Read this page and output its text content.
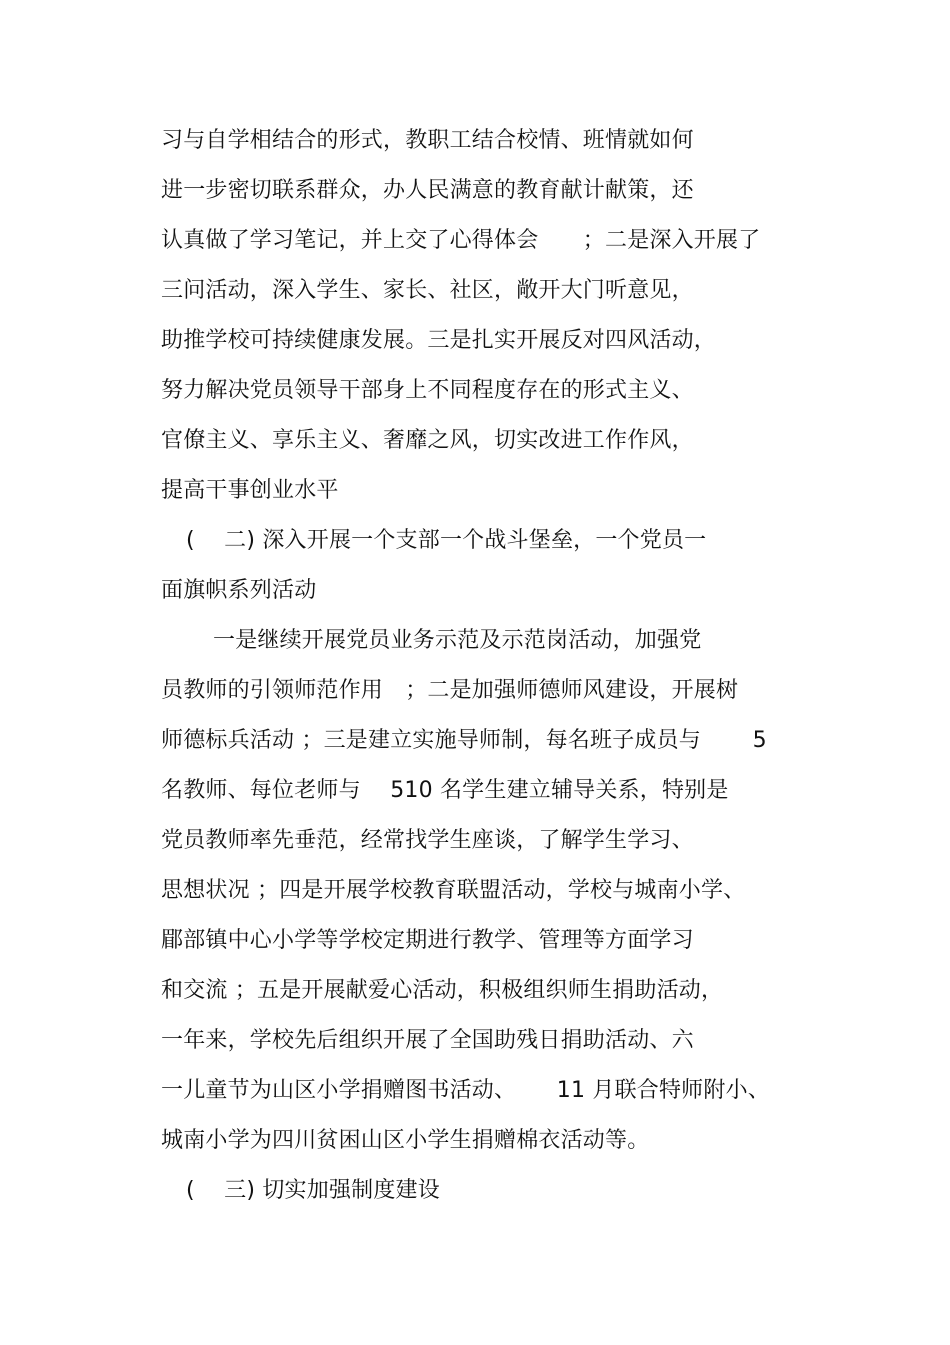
习与自学相结合的形式，教职工结合校情、班情就如何
进一步密切联系群众，办人民满意的教育献计献策，还
认真做了学习笔记，并上交了心得体会　　；二是深入开展了
三问活动，深入学生、家长、社区，敞开大门听意见，
助推学校可持续健康发展。三是扎实开展反对四风活动，
努力解决党员领导干部身上不同程度存在的形式主义、
官僚主义、享乐主义、奢靡之风，切实改进工作作风，
提高干事创业水平
(　 二) 深入开展一个支部一个战斗堡垒，一个党员一
面旗帜系列活动
一是继续开展党员业务示范及示范岗活动，加强党
员教师的引领师范作用　；二是加强师德师风建设，开展树
师德标兵活动 ；三是建立实施导师制，每名班子成员与　　 5
名教师、每位老师与　 510 名学生建立辅导关系，特别是
党员教师率先垂范，经常找学生座谈，了解学生学习、
思想状况 ；四是开展学校教育联盟活动，学校与城南小学、
郿部镇中心小学等学校定期进行教学、管理等方面学习
和交流 ；五是开展献爱心活动，积极组织师生捐助活动，
一年来，学校先后组织开展了全国助残日捐助活动、六
一儿童节为山区小学捐赠图书活动、　　 11 月联合特师附小、
城南小学为四川贫困山区小学生捐赠棉衣活动等。
(　 三) 切实加强制度建设
